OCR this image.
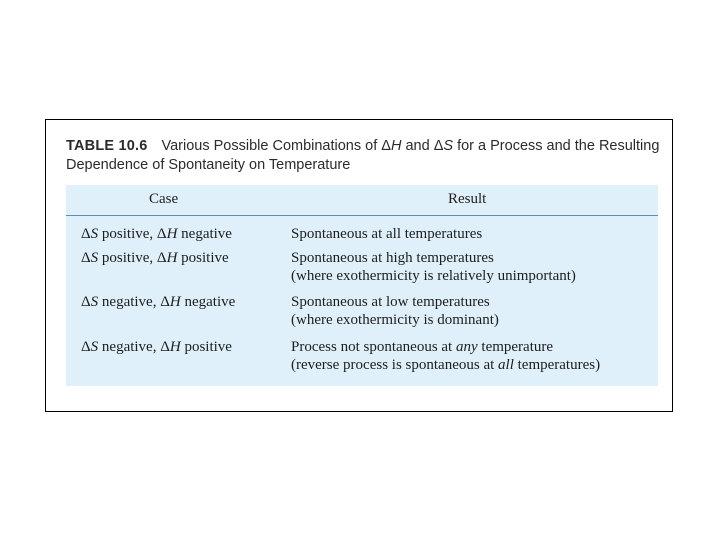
TABLE 10.6 Various Possible Combinations of ΔH and ΔS for a Process and the Resulting Dependence of Spontaneity on Temperature
Case	Result
ΔS positive, ΔH negative	Spontaneous at all temperatures
ΔS positive, ΔH positive	Spontaneous at high temperatures
(where exothermicity is relatively unimportant)
ΔS negative, ΔH negative	Spontaneous at low temperatures
(where exothermicity is dominant)
ΔS negative, ΔH positive	Process not spontaneous at any temperature
(reverse process is spontaneous at all temperatures)
